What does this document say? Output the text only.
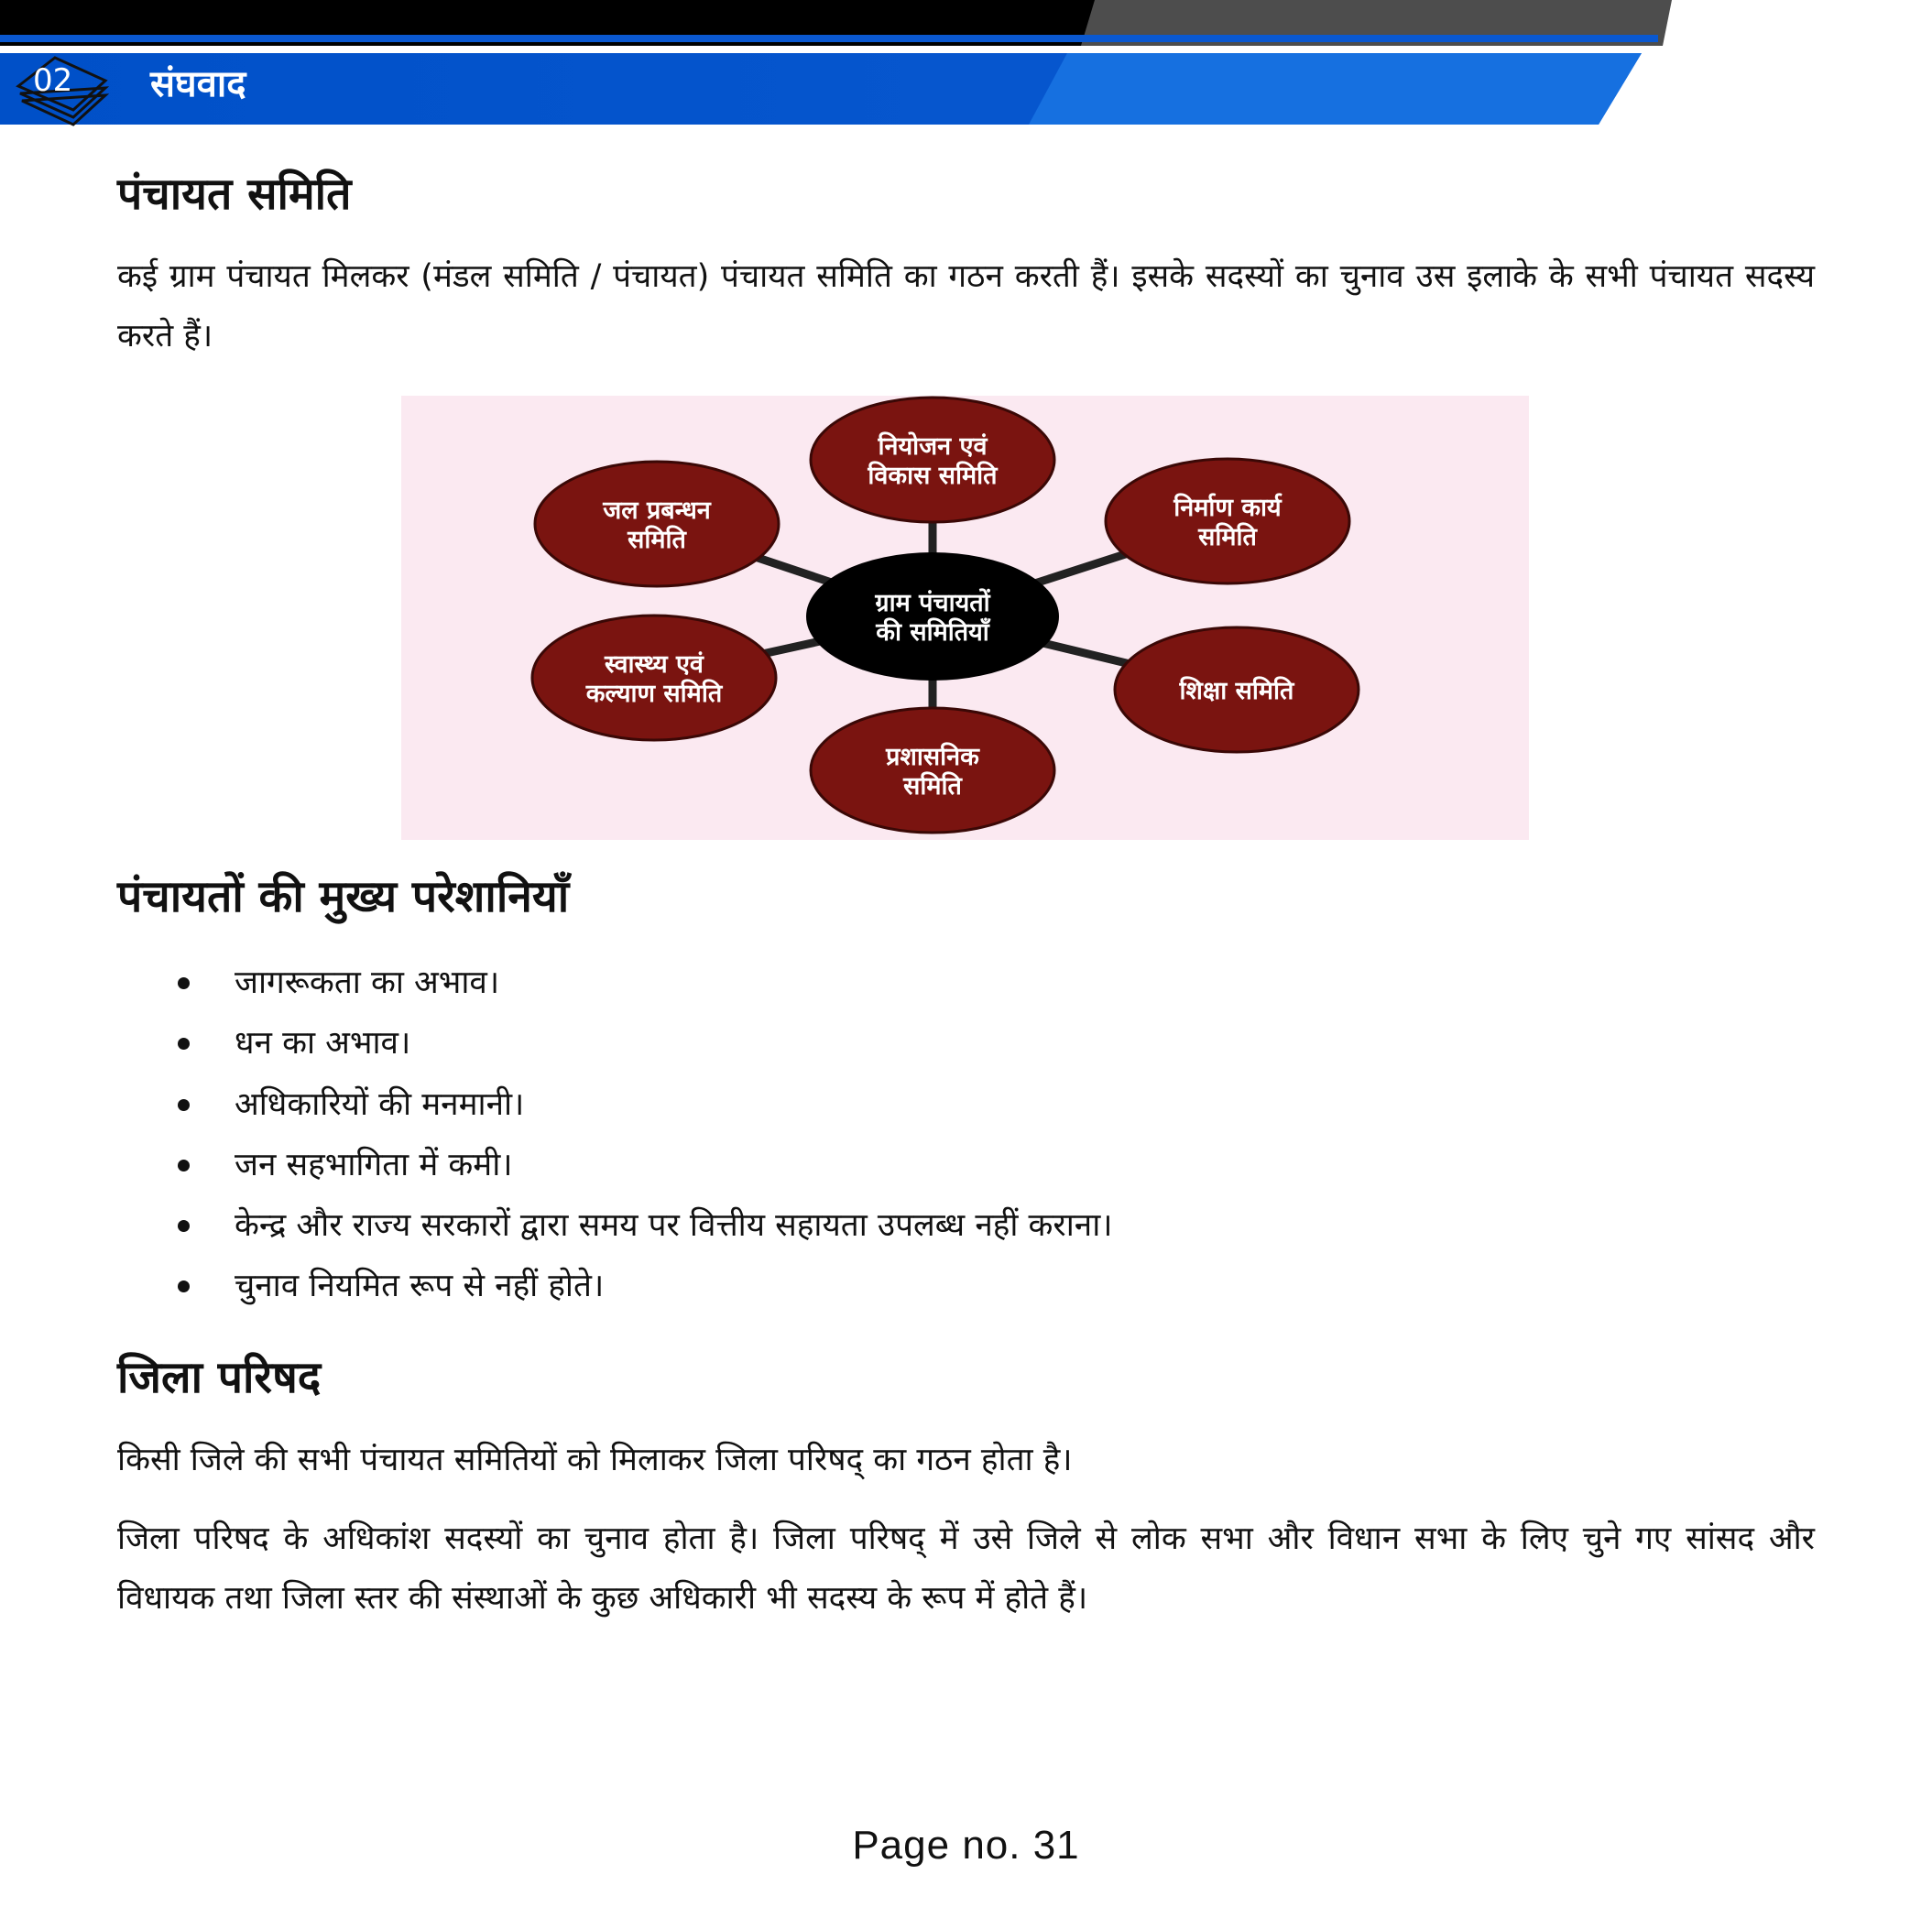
02 संघवाद
पंचायत समिति
कई ग्राम पंचायत मिलकर (मंडल समिति / पंचायत) पंचायत समिति का गठन करती हैं। इसके सदस्यों का चुनाव उस इलाके के सभी पंचायत सदस्य करते हैं।
नियोजन एवं
विकास समिति
निर्माण कार्य
समिति
शिक्षा समिति
प्रशासनिक
समिति
स्वास्थ्य एवं
कल्याण समिति
जल प्रबन्धन
समिति
ग्राम पंचायतों
की समितियाँ
पंचायतों की मुख्य परेशानियाँ
जागरूकता का अभाव।
धन का अभाव।
अधिकारियों की मनमानी।
जन सहभागिता में कमी।
केन्द्र और राज्य सरकारों द्वारा समय पर वित्तीय सहायता उपलब्ध नहीं कराना।
चुनाव नियमित रूप से नहीं होते।
जिला परिषद
किसी जिले की सभी पंचायत समितियों को मिलाकर जिला परिषद् का गठन होता है।
जिला परिषद के अधिकांश सदस्यों का चुनाव होता है। जिला परिषद् में उसे जिले से लोक सभा और विधान सभा के लिए चुने गए सांसद और विधायक तथा जिला स्तर की संस्थाओं के कुछ अधिकारी भी सदस्य के रूप में होते हैं।
Page no. 31
